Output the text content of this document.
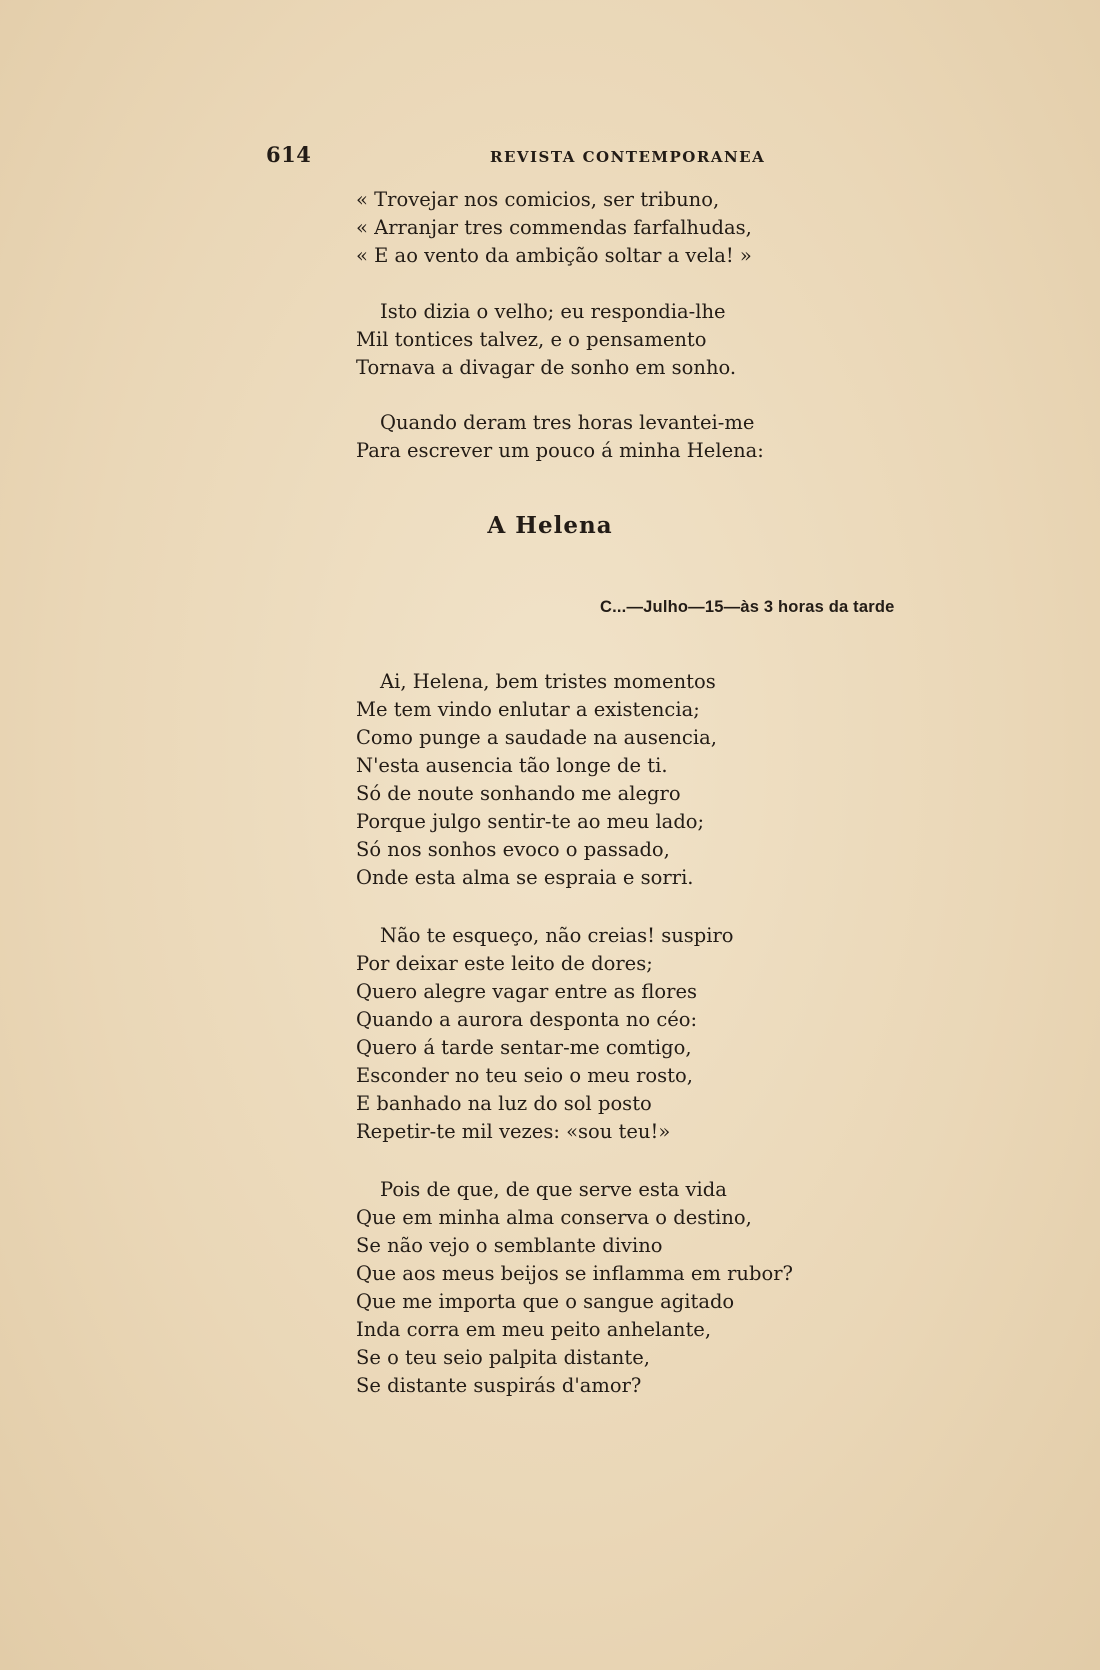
614	REVISTA CONTEMPORANEA
« Trovejar nos comicios, ser tribuno,
« Arranjar tres commendas farfalhudas,
« E ao vento da ambição soltar a vela! »
Isto dizia o velho; eu respondia-lhe
Mil tontices talvez, e o pensamento
Tornava a divagar de sonho em sonho.
Quando deram tres horas levantei-me
Para escrever um pouco á minha Helena:
A Helena
C...—Julho—15—às 3 horas da tarde
Ai, Helena, bem tristes momentos
Me tem vindo enlutar a existencia;
Como punge a saudade na ausencia,
N'esta ausencia tão longe de ti.
Só de noute sonhando me alegro
Porque julgo sentir-te ao meu lado;
Só nos sonhos evoco o passado,
Onde esta alma se espraia e sorri.
Não te esqueço, não creias! suspiro
Por deixar este leito de dores;
Quero alegre vagar entre as flores
Quando a aurora desponta no céo:
Quero á tarde sentar-me comtigo,
Esconder no teu seio o meu rosto,
E banhado na luz do sol posto
Repetir-te mil vezes: «sou teu!»
Pois de que, de que serve esta vida
Que em minha alma conserva o destino,
Se não vejo o semblante divino
Que aos meus beijos se inflamma em rubor?
Que me importa que o sangue agitado
Inda corra em meu peito anhelante,
Se o teu seio palpita distante,
Se distante suspirás d'amor?
